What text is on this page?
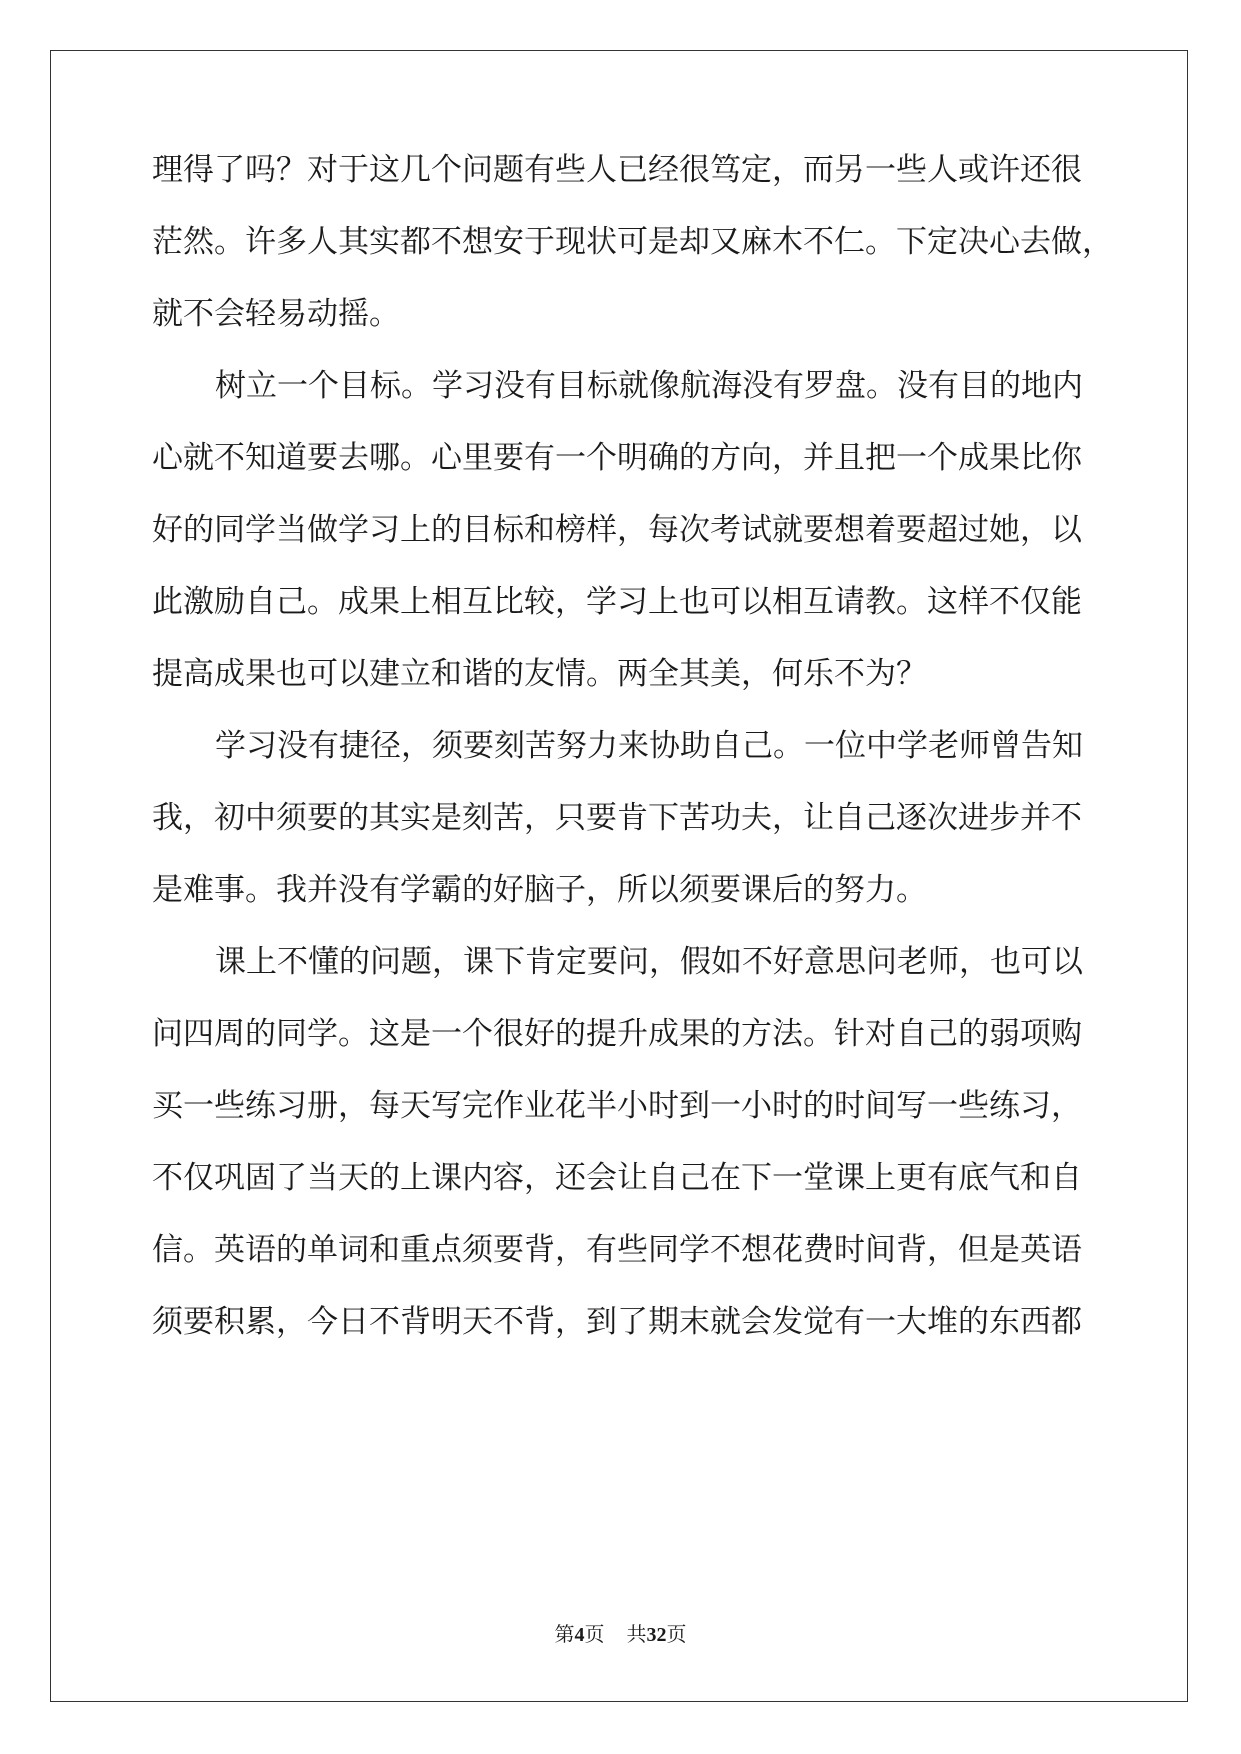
理得了吗？对于这几个问题有些人已经很笃定，而另一些人或许还很
茫然。许多人其实都不想安于现状可是却又麻木不仁。下定决心去做，
就不会轻易动摇。
树立一个目标。学习没有目标就像航海没有罗盘。没有目的地内
心就不知道要去哪。心里要有一个明确的方向，并且把一个成果比你
好的同学当做学习上的目标和榜样，每次考试就要想着要超过她，以
此激励自己。成果上相互比较，学习上也可以相互请教。这样不仅能
提高成果也可以建立和谐的友情。两全其美，何乐不为？
学习没有捷径，须要刻苦努力来协助自己。一位中学老师曾告知
我，初中须要的其实是刻苦，只要肯下苦功夫，让自己逐次进步并不
是难事。我并没有学霸的好脑子，所以须要课后的努力。
课上不懂的问题，课下肯定要问，假如不好意思问老师，也可以
问四周的同学。这是一个很好的提升成果的方法。针对自己的弱项购
买一些练习册，每天写完作业花半小时到一小时的时间写一些练习，
不仅巩固了当天的上课内容，还会让自己在下一堂课上更有底气和自
信。英语的单词和重点须要背，有些同学不想花费时间背，但是英语
须要积累，今日不背明天不背，到了期末就会发觉有一大堆的东西都
第4页 共32页
